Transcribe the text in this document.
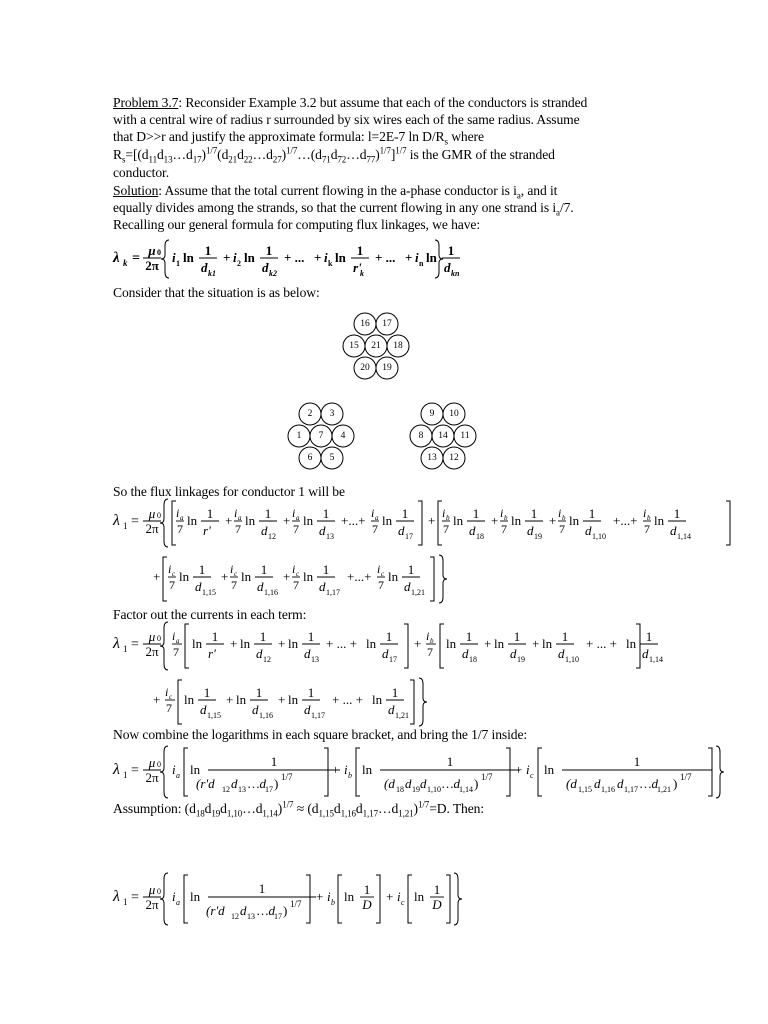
Problem 3.7: Reconsider Example 3.2 but assume that each of the conductors is stranded
with a central wire of radius r surrounded by six wires each of the same radius. Assume
that D>>r and justify the approximate formula: l=2E-7 $\ln D/R_s$ where
$R_s=[(d_{11}d_{13}\dots d_{17})^{1/7}(d_{21}d_{22}\dots d_{27})^{1/7}\dots(d_{71}d_{72}\dots d_{77})^{1/7}]^{1/7}$ is the GMR of the stranded
conductor.
Solution: Assume that the total current flowing in the a-phase conductor is $i_a$, and it
equally divides among the strands, so that the current flowing in any one strand is $i_a/7$.
Recalling our general formula for computing flux linkages, we have:
Consider that the situation is as below:
So the flux linkages for conductor 1 will be
Factor out the currents in each term:
Now combine the logarithms in each square bracket, and bring the 1/7 inside:
Assumption: $(d_{18}d_{19}d_{1,10}\dots d_{1,14})^{1/7}$ ≈ $(d_{1,15}d_{1,16}d_{1,17}\dots d_{1,21})^{1/7}=D$. Then:
16 17
15 21 18
20 19
2 3
1 7 4
6 5
9 10
8 14 11
13 12
λ k =
μ
2π
0 i 1 ln 1
d k1
+ i 2 ln 1
d k2
+ ... + i k ln 1
r'
k
+ ... + i n ln 1
d kn
λ 1 =
μ
2π
0 i a
7
ln 1
r'
+ i a
7
ln 1
d 12
+ i a
7
ln 1
d 13
+...+ i a
7
ln 1
d 17
+ i b
7
ln 1
d 18
+ i b
7
ln 1
d 19
+ i b
7
ln 1
d 1,10
+...+ i b
7
ln 1
d 1,14
+ i c
7
ln 1
d 1,15
+ i c
7
ln 1
d 1,16
+ i c
7
ln 1
d 1,17
+...+ i c
7
ln 1
d 1,21
λ 1 =
μ
2π
0 i a
7
ln 1
r'
+ ln 1
d 12
+ ln 1
d 13
+ ... + ln 1
d 17
+ i b
7
ln 1
d 18
+ ln 1
d 19
+ ln 1
d 1,10
+ ... + ln 1
d 1,14
+ i c
7
ln 1
d 1,15
+ ln 1
d 1,16
+ ln 1
d 1,17
+ ... + ln 1
d 1,21
λ 1 =
μ
2π
0 i a ln
1
(r'd 12 d 13 …d
17 ) 1/7	+ i b ln
1
(d 18 d 19 d 1,10 …d
1,14 ) 1/7 + i c ln
1
(d 1,15 d 1,16 d 1,17 …d
1,21 ) 1/7
λ 1 =
μ
2π
0 i a ln
1
(r'd 12 d 13 …d
17 ) 1/7 + i b ln 1
D
+ i c ln 1
D
